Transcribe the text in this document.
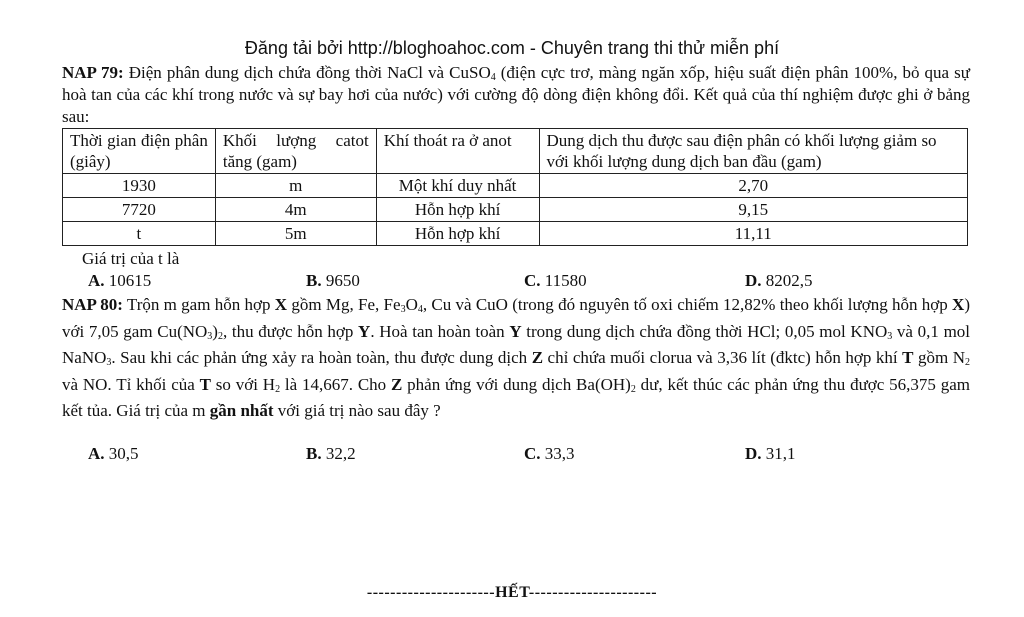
Đăng tải bởi http://bloghoahoc.com - Chuyên trang thi thử miễn phí
NAP 79: Điện phân dung dịch chứa đồng thời NaCl và CuSO$_4$ (điện cực trơ, màng ngăn xốp, hiệu suất điện phân 100%, bỏ qua sự hoà tan của các khí trong nước và sự bay hơi của nước) với cường độ dòng điện không đổi. Kết quả của thí nghiệm được ghi ở bảng sau:
Thời gian điện phân (giây)	Khối lượng catot tăng (gam)	Khí thoát ra ở anot	Dung dịch thu được sau điện phân có khối lượng giảm so với khối lượng dung dịch ban đầu (gam)
1930	m	Một khí duy nhất	2,70
7720	4m	Hỗn hợp khí	9,15
t	5m	Hỗn hợp khí	11,11
Giá trị của t là
A. 10615	B. 9650	C. 11580	D. 8202,5
NAP 80: Trộn m gam hỗn hợp X gồm Mg, Fe, $Fe_3O_4$, Cu và CuO (trong đó nguyên tố oxi chiếm 12,82% theo khối lượng hỗn hợp X) với 7,05 gam $Cu(NO_3)_2$, thu được hỗn hợp Y. Hoà tan hoàn toàn Y trong dung dịch chứa đồng thời HCl; 0,05 mol $KNO_3$ và 0,1 mol NaNO$_3$. Sau khi các phản ứng xảy ra hoàn toàn, thu được dung dịch Z chỉ chứa muối clorua và 3,36 lít (đktc) hỗn hợp khí T gồm $N_2$ và NO. Tỉ khối của T so với $H_2$ là 14,667. Cho Z phản ứng với dung dịch $Ba(OH)_2$ dư, kết thúc các phản ứng thu được 56,375 gam kết tủa. Giá trị của m gần nhất với giá trị nào sau đây ?
A. 30,5	B. 32,2	C. 33,3	D. 31,1
----------------------HẾT----------------------
